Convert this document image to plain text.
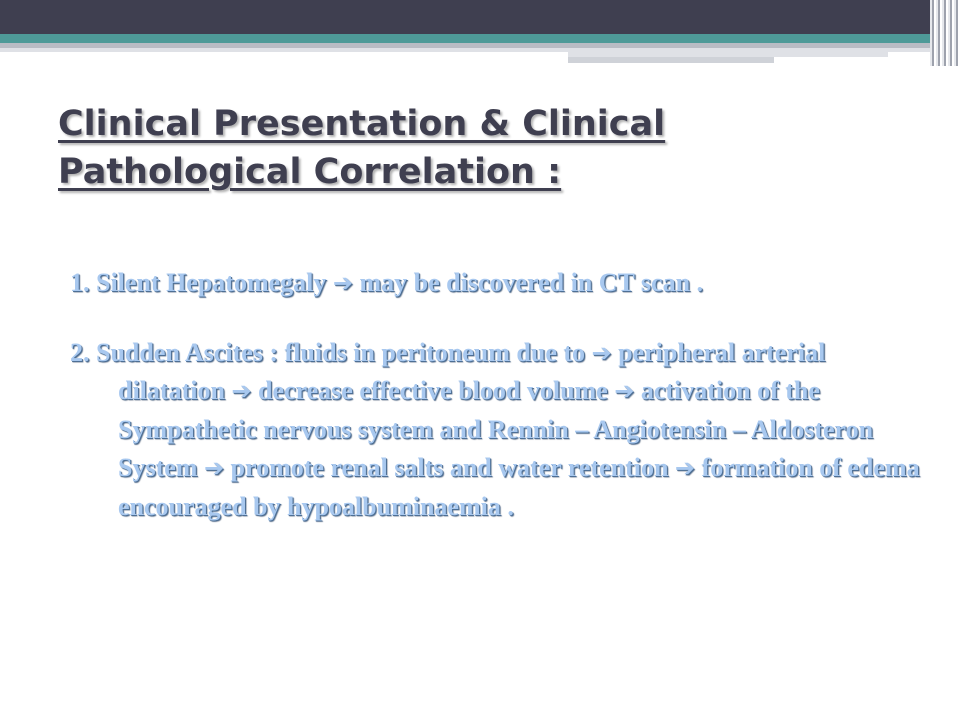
Clinical Presentation & Clinical
Pathological Correlation :

1. Silent Hepatomegaly ➔ may be discovered in CT scan .

2. Sudden Ascites : fluids in peritoneum due to ➔ peripheral arterial dilatation ➔ decrease effective blood volume ➔ activation of the Sympathetic nervous system and Rennin – Angiotensin – Aldosteron System ➔ promote renal salts and water retention ➔ formation of edema encouraged by hypoalbuminaemia .
